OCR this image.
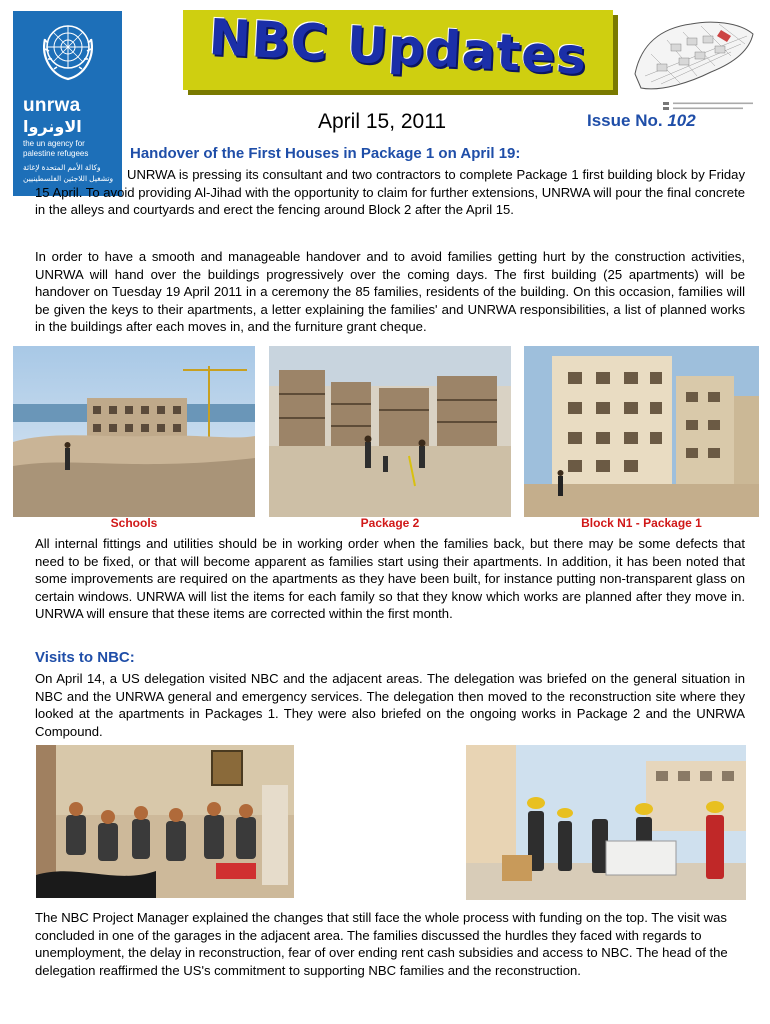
unrwa
الاونروا
the un agency for palestine refugees
وكالة الأمم المتحدة لإغاثة وتشغيل اللاجئين الفلسطينيين
NBC Updates
April 15, 2011	Issue No. 102
Handover of the First Houses in Package 1 on April 19:

UNRWA is pressing its consultant and two contractors to complete Package 1 first building block by Friday 15 April. To avoid providing Al-Jihad with the opportunity to claim for further extensions, UNRWA will pour the final concrete in the alleys and courtyards and erect the fencing around Block 2 after the April 15.

In order to have a smooth and manageable handover and to avoid families getting hurt by the construction activities, UNRWA will hand over the buildings progressively over the coming days. The first building (25 apartments) will be handover on Tuesday 19 April 2011 in a ceremony the 85 families, residents of the building. On this occasion, families will be given the keys to their apartments, a letter explaining the families' and UNRWA responsibilities, a list of planned works in the buildings after each moves in, and the furniture grant cheque.

Schools	Package 2	Block N1 - Package 1

All internal fittings and utilities should be in working order when the families back, but there may be some defects that need to be fixed, or that will become apparent as families start using their apartments. In addition, it has been noted that some improvements are required on the apartments as they have been built, for instance putting non-transparent glass on certain windows. UNRWA will list the items for each family so that they know which works are planned after they move in. UNRWA will ensure that these items are corrected within the first month.

Visits to NBC:

On April 14, a US delegation visited NBC and the adjacent areas. The delegation was briefed on the general situation in NBC and the UNRWA general and emergency services. The delegation then moved to the reconstruction site where they looked at the apartments in Packages 1. They were also briefed on the ongoing works in Package 2 and the UNRWA Compound.

The NBC Project Manager explained the changes that still face the whole process with funding on the top. The visit was concluded in one of the garages in the adjacent area. The families discussed the hurdles they faced with regards to unemployment, the delay in reconstruction, fear of over ending rent cash subsidies and access to NBC. The head of the delegation reaffirmed the US's commitment to supporting NBC families and the reconstruction.
